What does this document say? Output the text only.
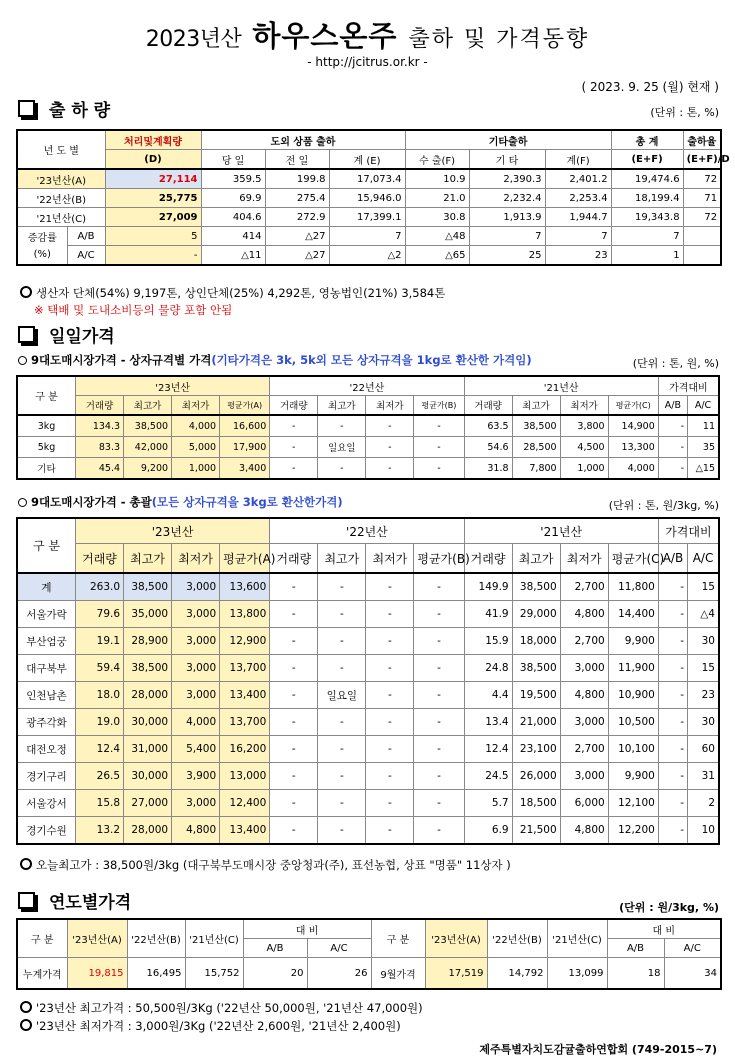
2023년산 하우스온주 출하 및 가격동향
- http://jcitrus.or.kr -
( 2023. 9. 25 (월) 현재 )
출 하 량	(단위 : 톤, %)
년 도 별		처리및계획량	도외 상품 출하			기타출하			총 계	출하율
		(D)	당 일	전 일	계 (E)	수 출(F)	기 타	계(F)	(E+F)	(E+F)/D
'23년산(A)		27,114	359.5	199.8	17,073.4	10.9	2,390.3	2,401.2	19,474.6	72
'22년산(B)		25,775	69.9	275.4	15,946.0	21.0	2,232.4	2,253.4	18,199.4	71
'21년산(C)		27,009	404.6	272.9	17,399.1	30.8	1,913.9	1,944.7	19,343.8	72
증감률	A/B	5	414	△27	7	△48	7	7	7	
(%)	A/C	-	△11	△27	△2	△65	25	23	1	
생산자 단체(54%) 9,197톤, 상인단체(25%) 4,292톤, 영농법인(21%) 3,584톤
※ 택배 및 도내소비등의 물량 포함 안됨
일일가격
9대도매시장가격 - 상자규격별 가격(기타가격은 3k, 5k외 모든 상자규격을 1kg로 환산한 가격임)	(단위 : 톤, 원, %)
구 분	'23년산				'22년산				'21년산				가격대비	
	거래량	최고가	최저가	평균가(A)	거래량	최고가	최저가	평균가(B)	거래량	최고가	최저가	평균가(C)	A/B	A/C
3kg	134.3	38,500	4,000	16,600	-	-	-	-	63.5	38,500	3,800	14,900	-	11
5kg	83.3	42,000	5,000	17,900	-	일요일	-	-	54.6	28,500	4,500	13,300	-	35
기타	45.4	9,200	1,000	3,400	-	-	-	-	31.8	7,800	1,000	4,000	-	△15
9대도매시장가격 - 총괄(모든 상자규격을 3kg로 환산한가격)	(단위 : 톤, 원/3kg, %)
구 분	'23년산				'22년산				'21년산				가격대비	
	거래량	최고가	최저가	평균가(A)	거래량	최고가	최저가	평균가(B)	거래량	최고가	최저가	평균가(C)	A/B	A/C
계	263.0	38,500	3,000	13,600	-	-	-	-	149.9	38,500	2,700	11,800	-	15
서울가락	79.6	35,000	3,000	13,800	-	-	-	-	41.9	29,000	4,800	14,400	-	△4
부산엄궁	19.1	28,900	3,000	12,900	-	-	-	-	15.9	18,000	2,700	9,900	-	30
대구북부	59.4	38,500	3,000	13,700	-	-	-	-	24.8	38,500	3,000	11,900	-	15
인천남촌	18.0	28,000	3,000	13,400	-	일요일	-	-	4.4	19,500	4,800	10,900	-	23
광주각화	19.0	30,000	4,000	13,700	-	-	-	-	13.4	21,000	3,000	10,500	-	30
대전오정	12.4	31,000	5,400	16,200	-	-	-	-	12.4	23,100	2,700	10,100	-	60
경기구리	26.5	30,000	3,900	13,000	-	-	-	-	24.5	26,000	3,000	9,900	-	31
서울강서	15.8	27,000	3,000	12,400	-	-	-	-	5.7	18,500	6,000	12,100	-	2
경기수원	13.2	28,000	4,800	13,400	-	-	-	-	6.9	21,500	4,800	12,200	-	10
오늘최고가 : 38,500원/3kg (대구북부도매시장 중앙청과(주), 표선농협, 상표 "명품" 11상자 )
연도별가격	(단위 : 원/3kg, %)
구 분	'23년산(A)	'22년산(B)	'21년산(C)	대 비		구 분	'23년산(A)	'22년산(B)	'21년산(C)	대 비	
				A/B	A/C					A/B	A/C
누계가격	19,815	16,495	15,752	20	26	9월가격	17,519	14,792	13,099	18	34
'23년산 최고가격 : 50,500원/3Kg ('22년산 50,000원, '21년산 47,000원)
'23년산 최저가격 : 3,000원/3Kg ('22년산 2,600원, '21년산 2,400원)
제주특별자치도감귤출하연합회 (749-2015~7)
